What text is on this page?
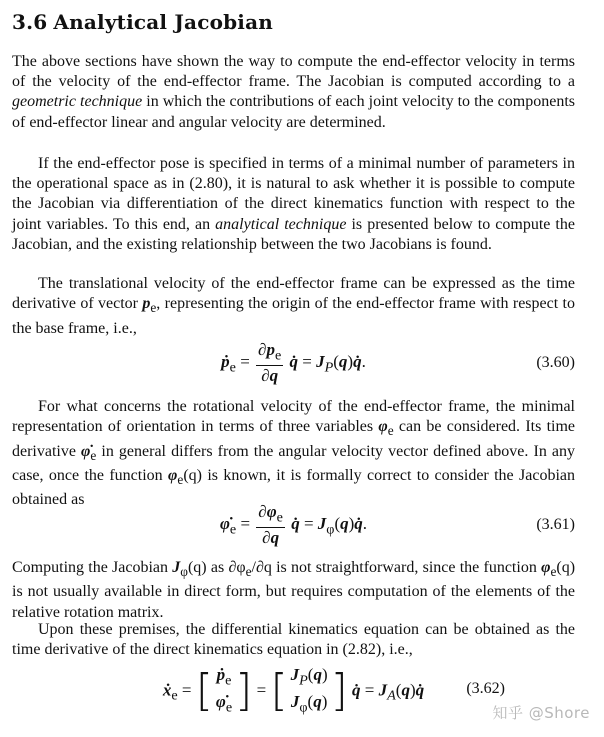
3.6 Analytical Jacobian
The above sections have shown the way to compute the end-effector velocity in terms of the velocity of the end-effector frame. The Jacobian is computed according to a geometric technique in which the contributions of each joint velocity to the components of end-effector linear and angular velocity are determined.
If the end-effector pose is specified in terms of a minimal number of parameters in the operational space as in (2.80), it is natural to ask whether it is possible to compute the Jacobian via differentiation of the direct kinematics function with respect to the joint variables. To this end, an analytical technique is presented below to compute the Jacobian, and the existing relationship between the two Jacobians is found.
The translational velocity of the end-effector frame can be expressed as the time derivative of vector $p_e$, representing the origin of the end-effector frame with respect to the base frame, i.e.,
ṗ$_e$ = $\frac{\partial p_e}{\partial q}$ q̇ = $J_P(q)q̇$.	(3.60)
For what concerns the rotational velocity of the end-effector frame, the minimal representation of orientation in terms of three variables $\varphi_e$ can be considered. Its time derivative $\varphi̇_e$ in general differs from the angular velocity vector defined above. In any case, once the function $\varphi_e(q)$ is known, it is formally correct to consider the Jacobian obtained as
$\varphi̇_e = \frac{\partial\varphi_e}{\partial q}$ q̇ = $J_\varphi(q)q̇$.	(3.61)
Computing the Jacobian $J_\varphi(q)$ as $\partial\varphi_e/\partial q$ is not straightforward, since the function $\varphi_e(q)$ is not usually available in direct form, but requires computation of the elements of the relative rotation matrix.
Upon these premises, the differential kinematics equation can be obtained as the time derivative of the direct kinematics equation in (2.82), i.e.,
ẋ$_e$ = [ ṗ$_e$
$\varphi̇_e$ ] = [ $J_P(q)$
$J_\varphi(q)$ ] q̇ = $J_A(q)q̇$	(3.62)
知乎 @Shore
